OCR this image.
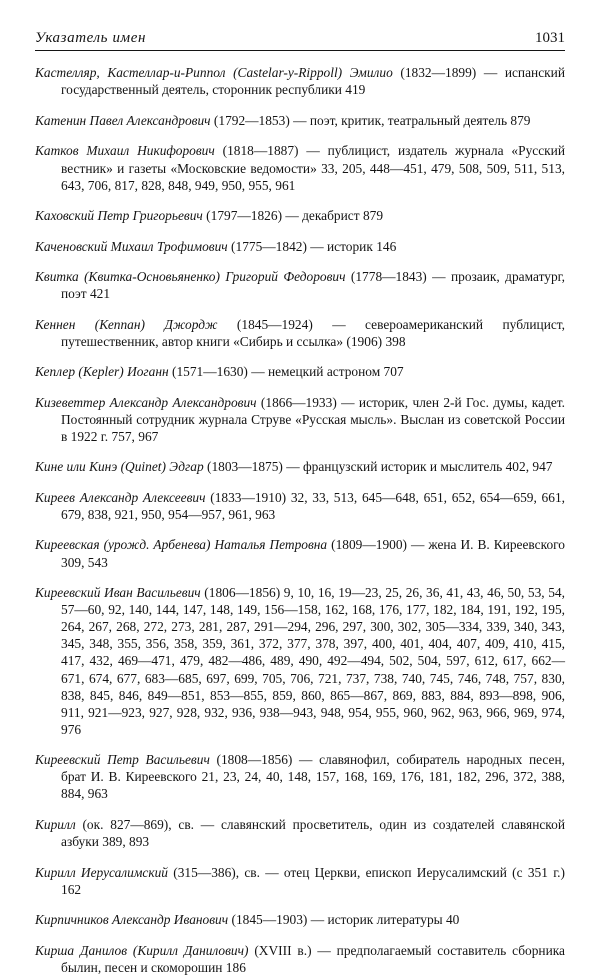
Указатель имен	1031

Кастелляр, Кастеллар-и-Риппол (Castelar-y-Rippoll) Эмилио (1832—1899) — испанский государственный деятель, сторонник республики 419

Катенин Павел Александрович (1792—1853) — поэт, критик, театральный деятель 879

Катков Михаил Никифорович (1818—1887) — публицист, издатель журнала «Русский вестник» и газеты «Московские ведомости» 33, 205, 448—451, 479, 508, 509, 511, 513, 643, 706, 817, 828, 848, 949, 950, 955, 961

Каховский Петр Григорьевич (1797—1826) — декабрист 879

Каченовский Михаил Трофимович (1775—1842) — историк 146

Квитка (Квитка-Основьяненко) Григорий Федорович (1778—1843) — прозаик, драматург, поэт 421

Кеннен (Кеппан) Джордж (1845—1924) — североамериканский публицист, путешественник, автор книги «Сибирь и ссылка» (1906) 398

Кеплер (Kepler) Иоганн (1571—1630) — немецкий астроном 707

Кизеветтер Александр Александрович (1866—1933) — историк, член 2-й Гос. думы, кадет. Постоянный сотрудник журнала Струве «Русская мысль». Выслан из советской России в 1922 г. 757, 967

Кине или Кинэ (Quinet) Эдгар (1803—1875) — французский историк и мыслитель 402, 947

Киреев Александр Алексеевич (1833—1910) 32, 33, 513, 645—648, 651, 652, 654—659, 661, 679, 838, 921, 950, 954—957, 961, 963

Киреевская (урожд. Арбенева) Наталья Петровна (1809—1900) — жена И. В. Киреевского 309, 543

Киреевский Иван Васильевич (1806—1856) 9, 10, 16, 19—23, 25, 26, 36, 41, 43, 46, 50, 53, 54, 57—60, 92, 140, 144, 147, 148, 149, 156—158, 162, 168, 176, 177, 182, 184, 191, 192, 195, 264, 267, 268, 272, 273, 281, 287, 291—294, 296, 297, 300, 302, 305—334, 339, 340, 343, 345, 348, 355, 356, 358, 359, 361, 372, 377, 378, 397, 400, 401, 404, 407, 409, 410, 415, 417, 432, 469—471, 479, 482—486, 489, 490, 492—494, 502, 504, 597, 612, 617, 662—671, 674, 677, 683—685, 697, 699, 705, 706, 721, 737, 738, 740, 745, 746, 748, 757, 830, 838, 845, 846, 849—851, 853—855, 859, 860, 865—867, 869, 883, 884, 893—898, 906, 911, 921—923, 927, 928, 932, 936, 938—943, 948, 954, 955, 960, 962, 963, 966, 969, 974, 976

Киреевский Петр Васильевич (1808—1856) — славянофил, собиратель народных песен, брат И. В. Киреевского 21, 23, 24, 40, 148, 157, 168, 169, 176, 181, 182, 296, 372, 388, 884, 963

Кирилл (ок. 827—869), св. — славянский просветитель, один из создателей славянской азбуки 389, 893

Кирилл Иерусалимский (315—386), св. — отец Церкви, епископ Иерусалимский (с 351 г.) 162

Кирпичников Александр Иванович (1845—1903) — историк литературы 40

Кирша Данилов (Кирилл Данилович) (XVIII в.) — предполагаемый составитель сборника былин, песен и скоморошин 186
